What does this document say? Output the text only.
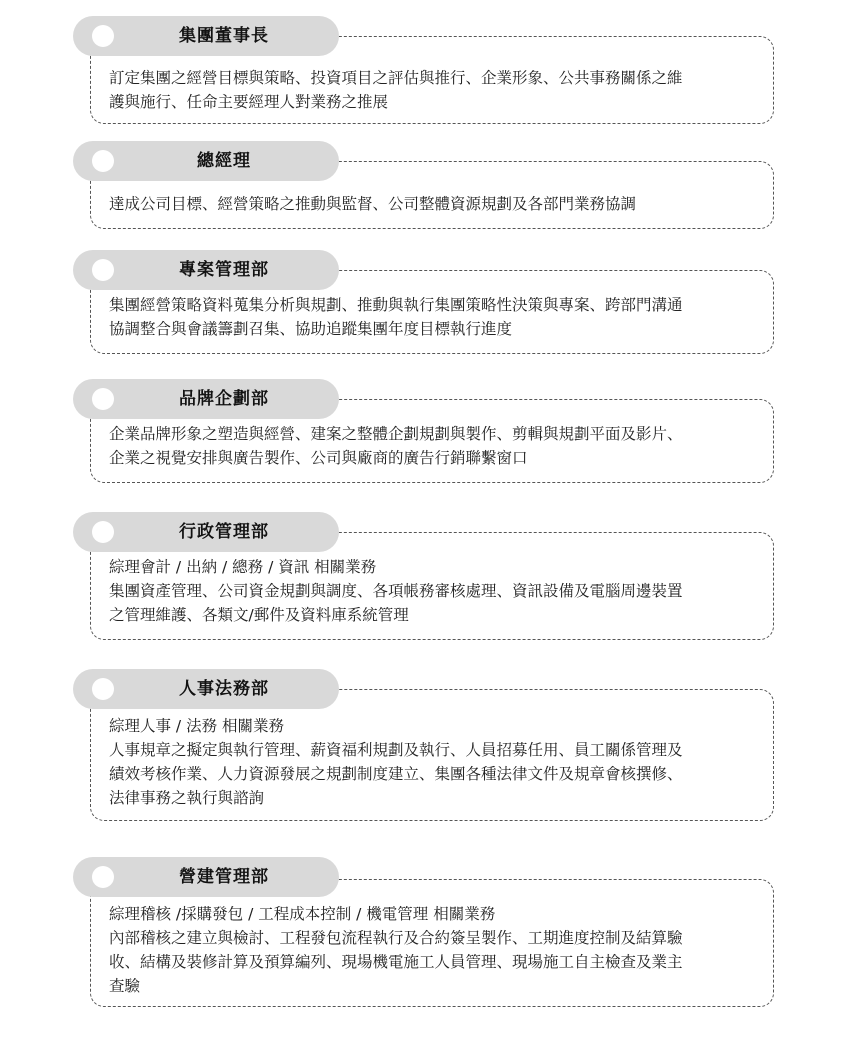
集團董事長
訂定集團之經營目標與策略、投資項目之評估與推行、企業形象、公共事務關係之維
護與施行、任命主要經理人對業務之推展
總經理
達成公司目標、經營策略之推動與監督、公司整體資源規劃及各部門業務協調
專案管理部
集團經營策略資料蒐集分析與規劃、推動與執行集團策略性決策與專案、跨部門溝通
協調整合與會議籌劃召集、協助追蹤集團年度目標執行進度
品牌企劃部
企業品牌形象之塑造與經營、建案之整體企劃規劃與製作、剪輯與規劃平面及影片、
企業之視覺安排與廣告製作、公司與廠商的廣告行銷聯繫窗口
行政管理部
綜理會計 / 出納 / 總務 / 資訊 相關業務
集團資產管理、公司資金規劃與調度、各項帳務審核處理、資訊設備及電腦周邊裝置
之管理維護、各類文/郵件及資料庫系統管理
人事法務部
綜理人事 / 法務 相關業務
人事規章之擬定與執行管理、薪資福利規劃及執行、人員招募任用、員工關係管理及
績效考核作業、人力資源發展之規劃制度建立、集團各種法律文件及規章會核撰修、
法律事務之執行與諮詢
營建管理部
綜理稽核 /採購發包 / 工程成本控制 / 機電管理 相關業務
內部稽核之建立與檢討、工程發包流程執行及合約簽呈製作、工期進度控制及結算驗
收、結構及裝修計算及預算編列、現場機電施工人員管理、現場施工自主檢查及業主
查驗
